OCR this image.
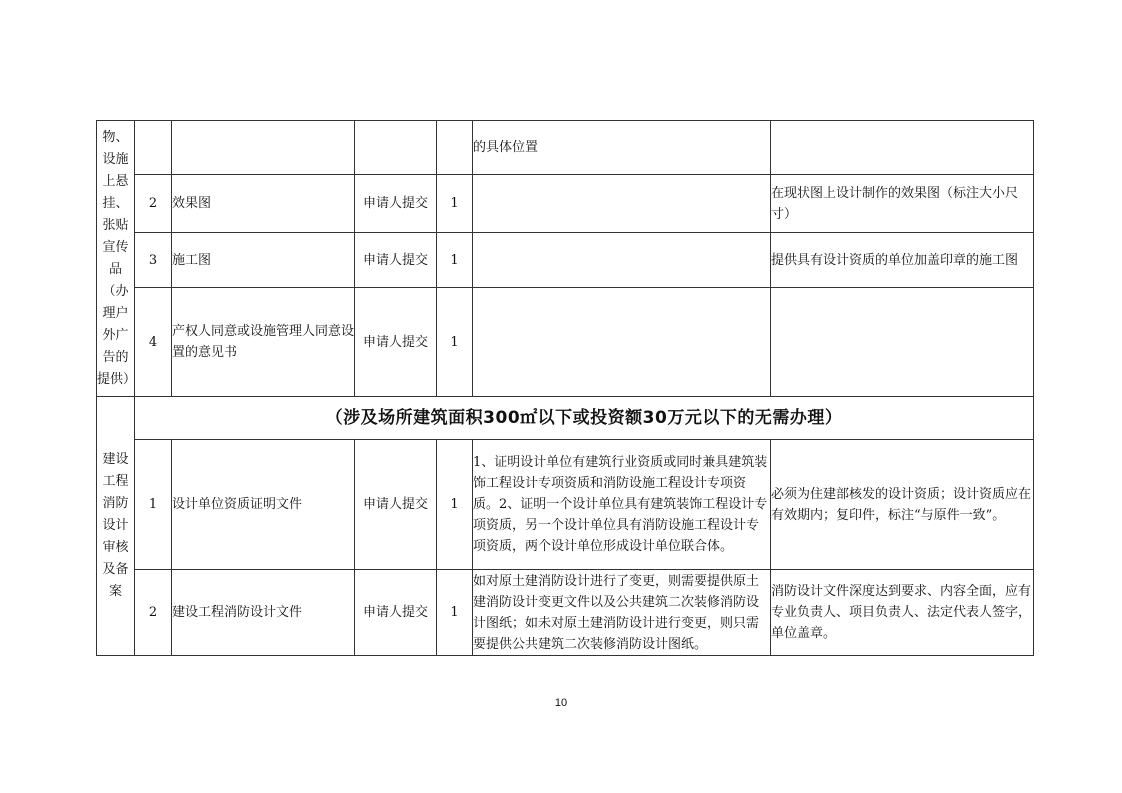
物、设施上悬挂、张贴宣传品（办理户外广告的提供）					的具体位置	
	2	效果图	申请人提交	1		在现状图上设计制作的效果图（标注大小尺寸）
	3	施工图	申请人提交	1		提供具有设计资质的单位加盖印章的施工图
	4	产权人同意或设施管理人同意设置的意见书	申请人提交	1		
建设工程消防设计审核及备案	（涉及场所建筑面积300㎡以下或投资额30万元以下的无需办理）					
	1	设计单位资质证明文件	申请人提交	1	1、证明设计单位有建筑行业资质或同时兼具建筑装饰工程设计专项资质和消防设施工程设计专项资质。2、证明一个设计单位具有建筑装饰工程设计专项资质，另一个设计单位具有消防设施工程设计专项资质，两个设计单位形成设计单位联合体。	必须为住建部核发的设计资质；设计资质应在有效期内；复印件，标注“与原件一致”。
	2	建设工程消防设计文件	申请人提交	1	如对原土建消防设计进行了变更，则需要提供原土建消防设计变更文件以及公共建筑二次装修消防设计图纸；如未对原土建消防设计进行变更，则只需要提供公共建筑二次装修消防设计图纸。	消防设计文件深度达到要求、内容全面，应有专业负责人、项目负责人、法定代表人签字，单位盖章。
10
